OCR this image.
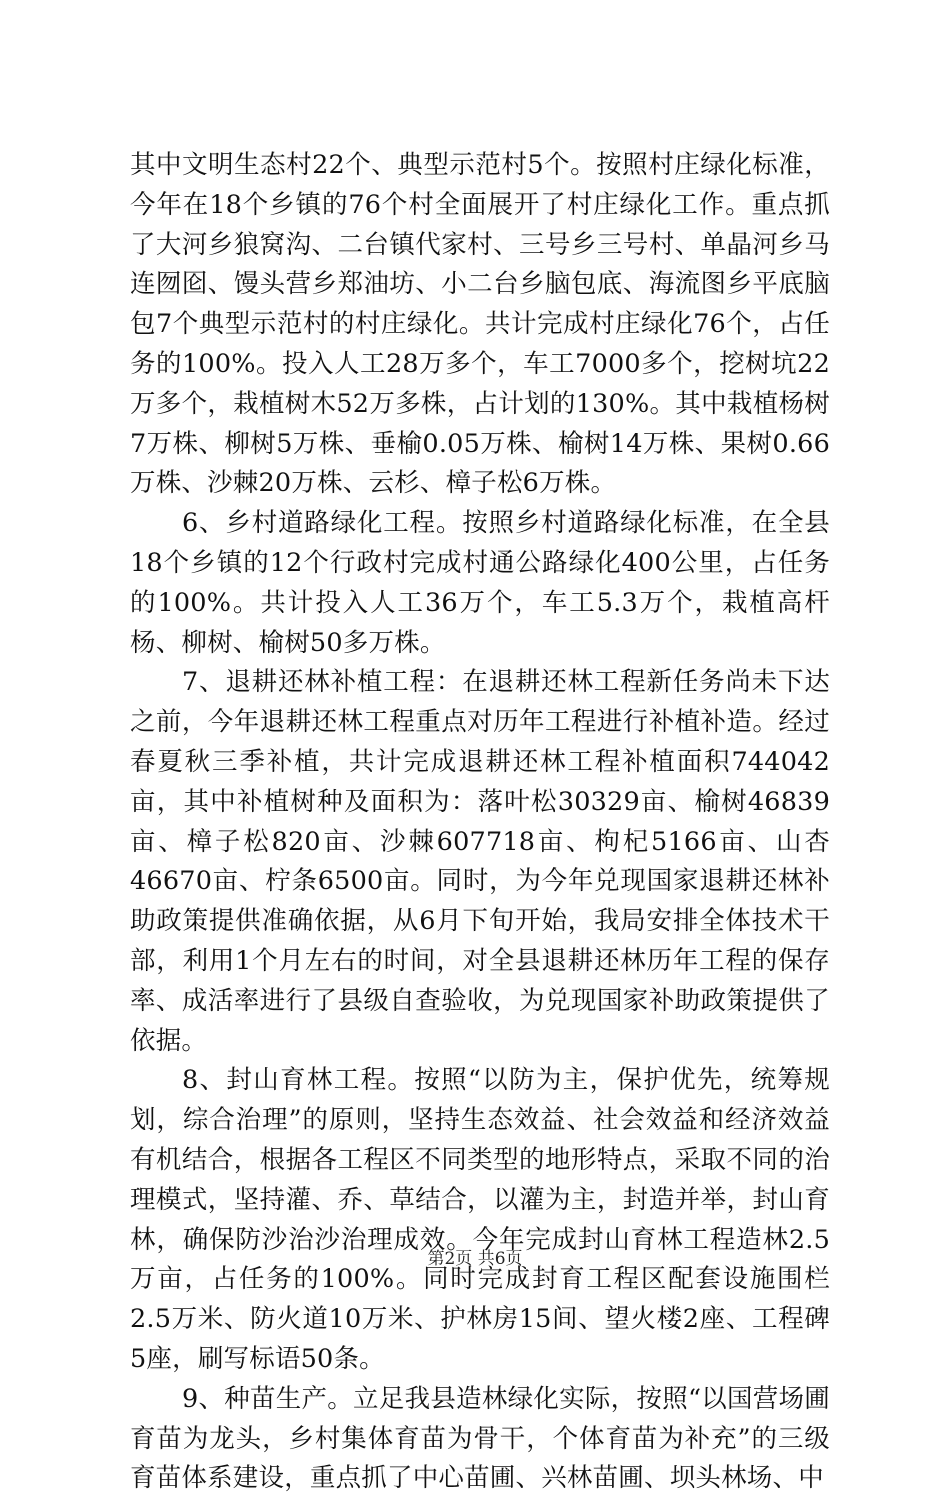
其中文明生态村22个、典型示范村5个。按照村庄绿化标准，今年在18个乡镇的76个村全面展开了村庄绿化工作。重点抓了大河乡狼窝沟、二台镇代家村、三号乡三号村、单晶河乡马连囫囵、馒头营乡郑油坊、小二台乡脑包底、海流图乡平底脑包7个典型示范村的村庄绿化。共计完成村庄绿化76个，占任务的100%。投入人工28万多个，车工7000多个，挖树坑22万多个，栽植树木52万多株，占计划的130%。其中栽植杨树7万株、柳树5万株、垂榆0.05万株、榆树14万株、果树0.66万株、沙棘20万株、云杉、樟子松6万株。

6、乡村道路绿化工程。按照乡村道路绿化标准，在全县18个乡镇的12个行政村完成村通公路绿化400公里，占任务的100%。共计投入人工36万个，车工5.3万个，栽植高杆杨、柳树、榆树50多万株。

7、退耕还林补植工程：在退耕还林工程新任务尚未下达之前，今年退耕还林工程重点对历年工程进行补植补造。经过春夏秋三季补植，共计完成退耕还林工程补植面积744042亩，其中补植树种及面积为：落叶松30329亩、榆树46839亩、樟子松820亩、沙棘607718亩、枸杞5166亩、山杏46670亩、柠条6500亩。同时，为今年兑现国家退耕还林补助政策提供准确依据，从6月下旬开始，我局安排全体技术干部，利用1个月左右的时间，对全县退耕还林历年工程的保存率、成活率进行了县级自查验收，为兑现国家补助政策提供了依据。

8、封山育林工程。按照“以防为主，保护优先，统筹规划，综合治理”的原则，坚持生态效益、社会效益和经济效益有机结合，根据各工程区不同类型的地形特点，采取不同的治理模式，坚持灌、乔、草结合，以灌为主，封造并举，封山育林，确保防沙治沙治理成效。今年完成封山育林工程造林2.5万亩，占任务的100%。同时完成封育工程区配套设施围栏2.5万米、防火道10万米、护林房15间、望火楼2座、工程碑5座，刷写标语50条。

9、种苗生产。立足我县造林绿化实际，按照“以国营场圃育苗为龙头，乡村集体育苗为骨干，个体育苗为补充”的三级育苗体系建设，重点抓了中心苗圃、兴林苗圃、坝头林场、中

第2页 共6页
